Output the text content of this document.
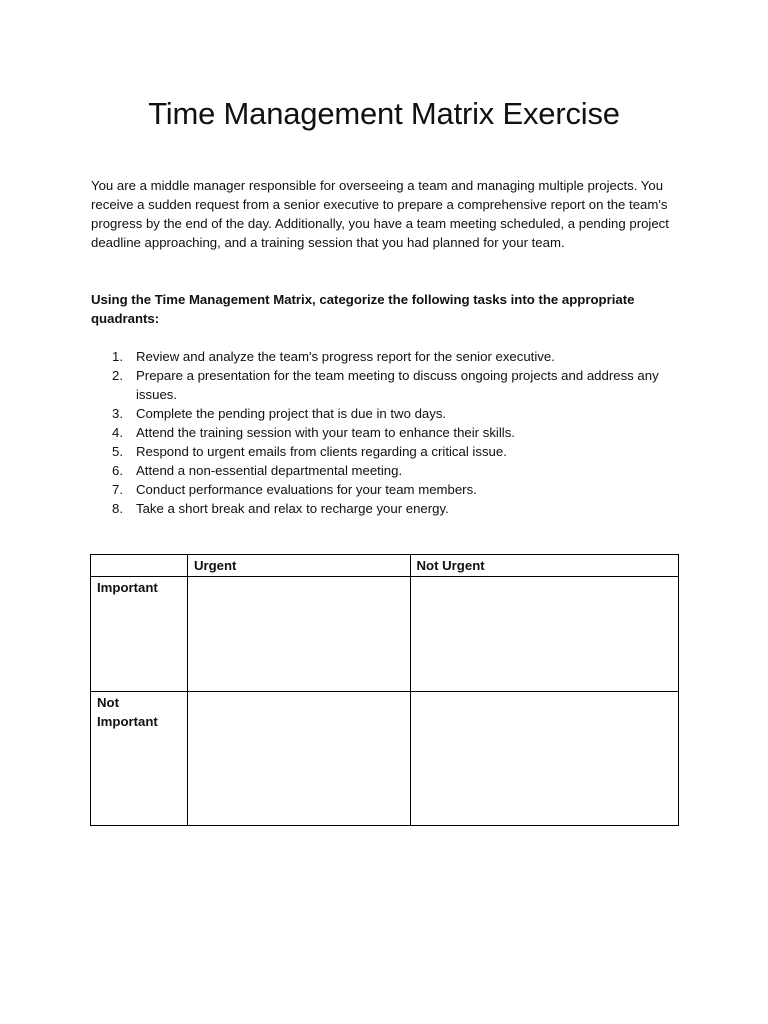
Time Management Matrix Exercise

You are a middle manager responsible for overseeing a team and managing multiple projects. You receive a sudden request from a senior executive to prepare a comprehensive report on the team's progress by the end of the day. Additionally, you have a team meeting scheduled, a pending project deadline approaching, and a training session that you had planned for your team.

Using the Time Management Matrix, categorize the following tasks into the appropriate quadrants:

1. Review and analyze the team's progress report for the senior executive.
2. Prepare a presentation for the team meeting to discuss ongoing projects and address any issues.
3. Complete the pending project that is due in two days.
4. Attend the training session with your team to enhance their skills.
5. Respond to urgent emails from clients regarding a critical issue.
6. Attend a non-essential departmental meeting.
7. Conduct performance evaluations for your team members.
8. Take a short break and relax to recharge your energy.
	Urgent	Not Urgent
Important		
Not Important		
